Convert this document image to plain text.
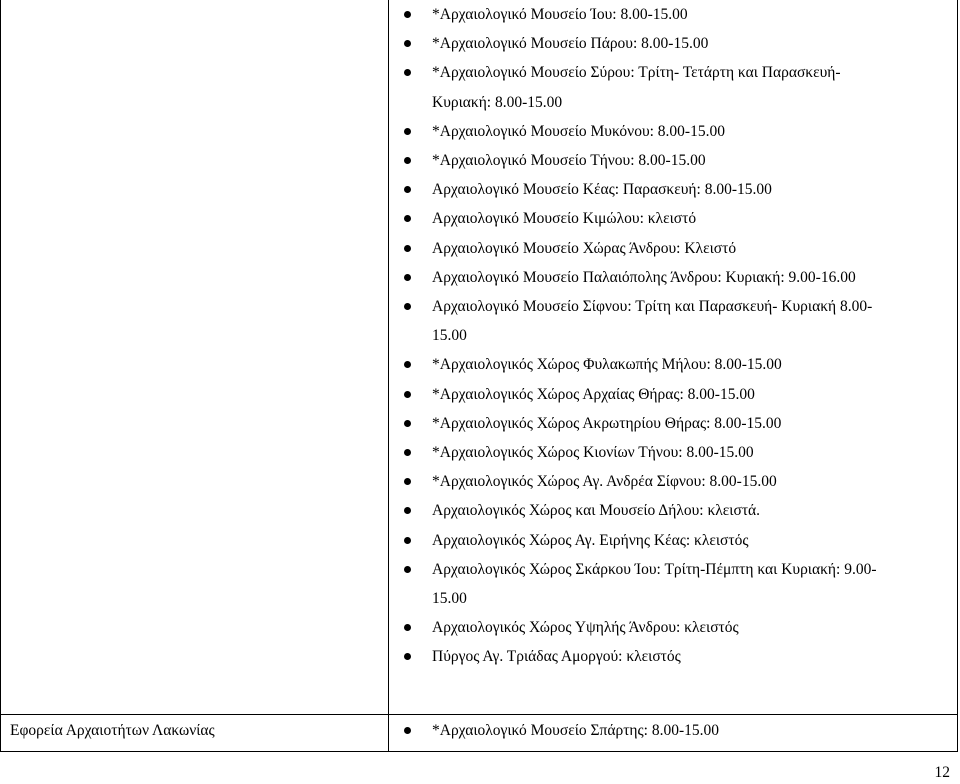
*Αρχαιολογικό Μουσείο Ίου: 8.00-15.00
*Αρχαιολογικό Μουσείο Πάρου: 8.00-15.00
*Αρχαιολογικό Μουσείο Σύρου: Τρίτη- Τετάρτη και Παρασκευή-
Κυριακή: 8.00-15.00
*Αρχαιολογικό Μουσείο Μυκόνου: 8.00-15.00
*Αρχαιολογικό Μουσείο Τήνου: 8.00-15.00
Αρχαιολογικό Μουσείο Κέας: Παρασκευή: 8.00-15.00
Αρχαιολογικό Μουσείο Κιμώλου: κλειστό
Αρχαιολογικό Μουσείο Χώρας Άνδρου: Κλειστό
Αρχαιολογικό Μουσείο Παλαιόπολης Άνδρου: Κυριακή: 9.00-16.00
Αρχαιολογικό Μουσείο Σίφνου: Τρίτη και Παρασκευή- Κυριακή 8.00-
15.00
*Αρχαιολογικός Χώρος Φυλακωπής Μήλου: 8.00-15.00
*Αρχαιολογικός Χώρος Αρχαίας Θήρας: 8.00-15.00
*Αρχαιολογικός Χώρος Ακρωτηρίου Θήρας: 8.00-15.00
*Αρχαιολογικός Χώρος Κιονίων Τήνου: 8.00-15.00
*Αρχαιολογικός Χώρος Αγ. Ανδρέα Σίφνου: 8.00-15.00
Αρχαιολογικός Χώρος και Μουσείο Δήλου: κλειστά.
Αρχαιολογικός Χώρος Αγ. Ειρήνης Κέας: κλειστός
Αρχαιολογικός Χώρος Σκάρκου Ίου: Τρίτη-Πέμπτη και Κυριακή: 9.00-
15.00
Αρχαιολογικός Χώρος Υψηλής Άνδρου: κλειστός
Πύργος Αγ. Τριάδας Αμοργού: κλειστός
Εφορεία Αρχαιοτήτων Λακωνίας	*Αρχαιολογικό Μουσείο Σπάρτης: 8.00-15.00
12
